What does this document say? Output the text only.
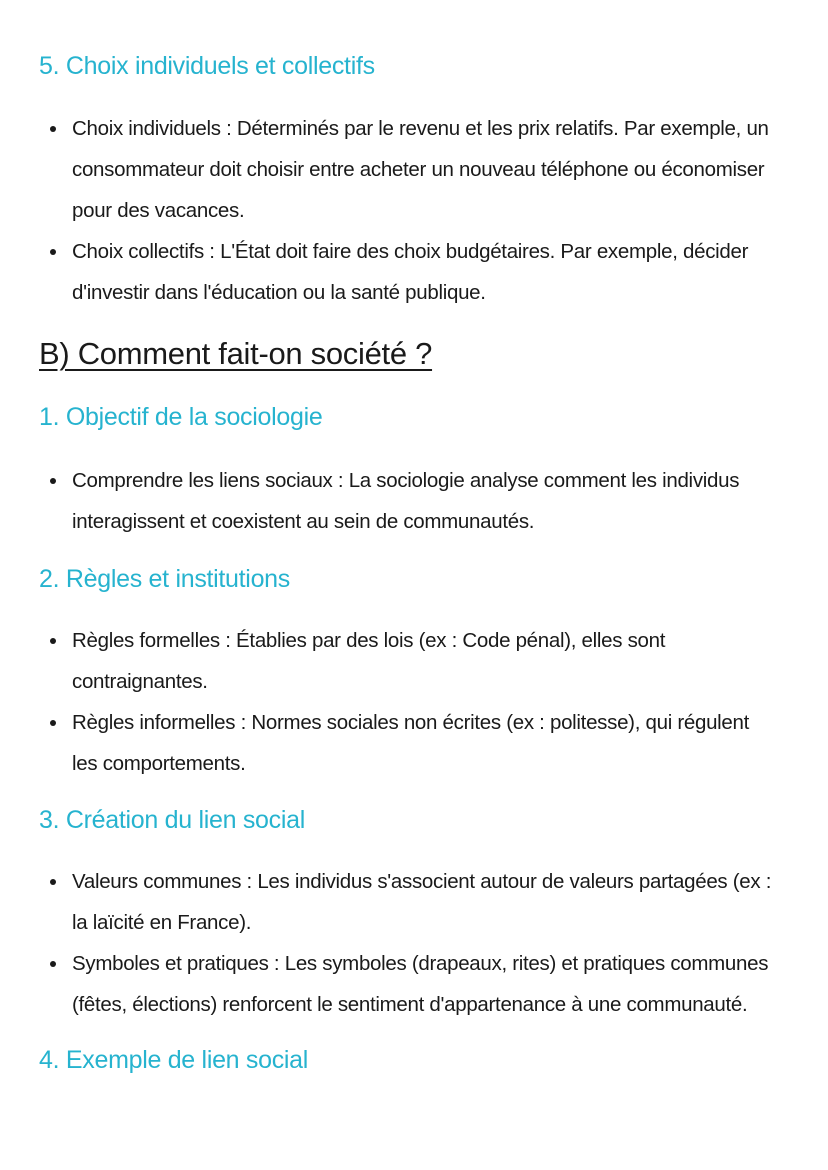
5. Choix individuels et collectifs
Choix individuels : Déterminés par le revenu et les prix relatifs. Par exemple, un consommateur doit choisir entre acheter un nouveau téléphone ou économiser pour des vacances.
Choix collectifs : L'État doit faire des choix budgétaires. Par exemple, décider d'investir dans l'éducation ou la santé publique.
B) Comment fait-on société ?
1. Objectif de la sociologie
Comprendre les liens sociaux : La sociologie analyse comment les individus interagissent et coexistent au sein de communautés.
2. Règles et institutions
Règles formelles : Établies par des lois (ex : Code pénal), elles sont contraignantes.
Règles informelles : Normes sociales non écrites (ex : politesse), qui régulent les comportements.
3. Création du lien social
Valeurs communes : Les individus s'associent autour de valeurs partagées (ex : la laïcité en France).
Symboles et pratiques : Les symboles (drapeaux, rites) et pratiques communes (fêtes, élections) renforcent le sentiment d'appartenance à une communauté.
4. Exemple de lien social
